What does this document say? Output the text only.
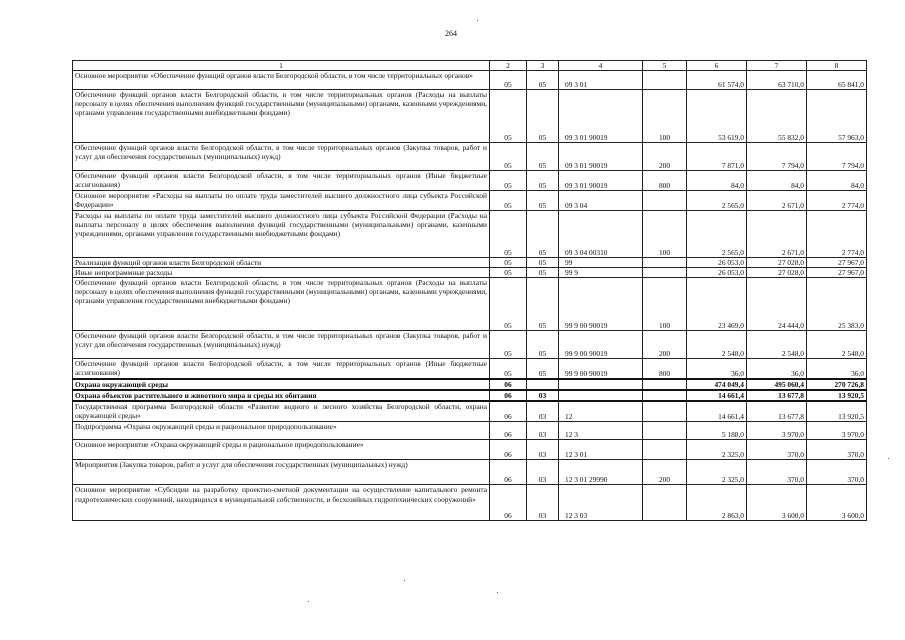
264
1	2	3	4	5	6	7	8
Основное мероприятие «Обеспечение функций органов власти Белгородской области, в том числе территориальных органов»	05	05	09 3 01		61 574,0	63 710,0	65 841,0
Обеспечение функций органов власти Белгородской области, в том числе территориальных органов (Расходы на выплаты персоналу в целях обеспечения выполнения функций государственными (муниципальными) органами, казенными учреждениями, органами управления государственными внебюджетными фондами)	05	05	09 3 01 90019	100	53 619,0	55 832,0	57 963,0
Обеспечение функций органов власти Белгородской области, в том числе территориальных органов (Закупка товаров, работ и услуг для обеспечения государственных (муниципальных) нужд)	05	05	09 3 01 90019	200	7 871,0	7 794,0	7 794,0
Обеспечение функций органов власти Белгородской области, в том числе территориальных органов (Иные бюджетные ассигнования)	05	05	09 3 01 90019	800	84,0	84,0	84,0
Основное мероприятие «Расходы на выплаты по оплате труда заместителей высшего должностного лица субъекта Российской Федерации»	05	05	09 3 04		2 565,0	2 671,0	2 774,0
Расходы на выплаты по оплате труда заместителей высшего должностного лица субъекта Российской Федерации (Расходы на выплаты персоналу в целях обеспечения выполнения функций государственными (муниципальными) органами, казенными учреждениями, органами управления государственными внебюджетными фондами)	05	05	09 3 04 00310	100	2 565,0	2 671,0	2 774,0
Реализация функций органов власти Белгородской области	05	05	99		26 053,0	27 028,0	27 967,0
Иные непрограммные расходы	05	05	99 9		26 053,0	27 028,0	27 967,0
Обеспечение функций органов власти Белгородской области, в том числе территориальных органов (Расходы на выплаты персоналу в целях обеспечения выполнения функций государственными (муниципальными) органами, казенными учреждениями, органами управления государственными внебюджетными фондами)	05	05	99 9 00 90019	100	23 469,0	24 444,0	25 383,0
Обеспечение функций органов власти Белгородской области, в том числе территориальных органов (Закупка товаров, работ и услуг для обеспечения государственных (муниципальных) нужд)	05	05	99 9 00 90019	200	2 548,0	2 548,0	2 548,0
Обеспечение функций органов власти Белгородской области, в том числе территориальных органов (Иные бюджетные ассигнования)	05	05	99 9 00 90019	800	36,0	36,0	36,0
Охрана окружающей среды	06				474 049,4	495 060,4	270 726,8
Охрана объектов растительного и животного мира и среды их обитания	06	03			14 661,4	13 677,8	13 920,5
Государственная программа Белгородской области «Развитие водного и лесного хозяйства Белгородской области, охрана окружающей среды»	06	03	12		14 661,4	13 677,8	13 920,5
Подпрограмма «Охрана окружающей среды и рациональное природопользование»	06	03	12 3		5 188,0	3 970,0	3 970,0
Основное мероприятие «Охрана окружающей среды и рациональное природопользование»	06	03	12 3 01		2 325,0	370,0	370,0
Мероприятия (Закупка товаров, работ и услуг для обеспечения государственных (муниципальных) нужд)	06	03	12 3 01 29990	200	2 325,0	370,0	370,0
Основное мероприятие «Субсидии на разработку проектно-сметной документации на осуществление капитального ремонта гидротехнических сооружений, находящихся в муниципальной собственности, и бесхозяйных гидротехнических сооружений»	06	03	12 3 03		2 863,0	3 600,0	3 600,0
